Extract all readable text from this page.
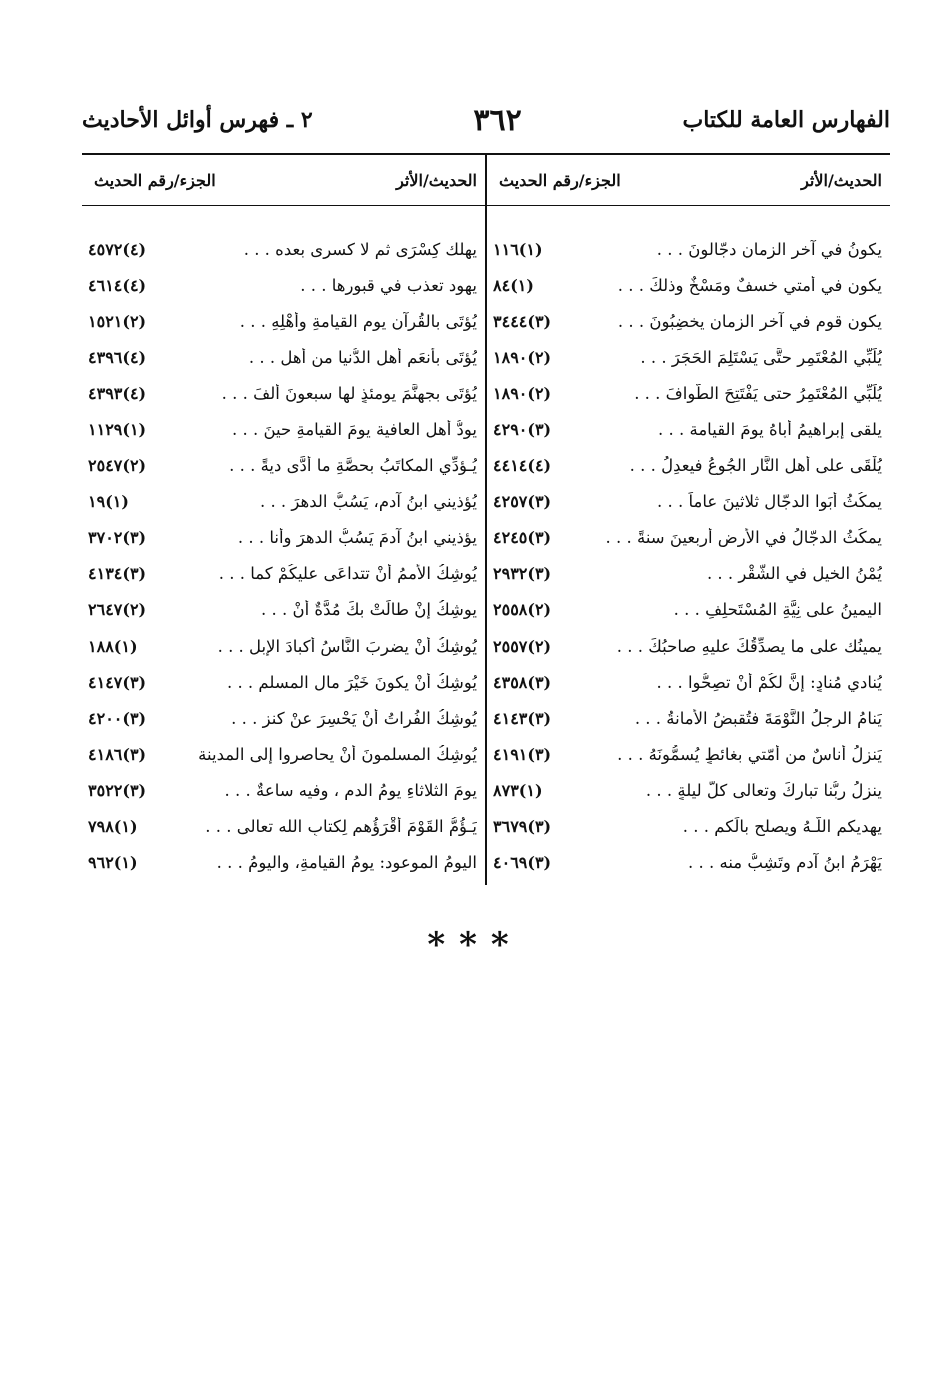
الفهارس العامة للكتاب
٣٦٢
٢ ـ فهرس أوائل الأحاديث
الحديث/الأثر
الجزء/رقم الحديث
يكونُ في آخرِ الزمانِ دجّالونَ . . .
(١)١١٦
يكون في أمتي خسفٌ ومَسْخٌ وذلكَ . . .
(١)٨٤
يكون قوم في آخر الزمان يخضِبُونَ . . .
(٣)٣٤٤٤
يُلَبِّي المُعْتَمِر حتَّى يَسْتَلِمَ الحَجَرَ . . .
(٢)١٨٩٠
يُلَبِّي المُعْتَمِرُ حتى يَفْتَتِحَ الطَّوافَ . . .
(٢)١٨٩٠
يلقى إبراهيمُ أباهُ يومَ القيامة . . .
(٣)٤٢٩٠
يُلْقَى على أهلِ النَّارِ الجُوعُ فيعدِلُ . . .
(٤)٤٤١٤
يمكُثُ أبَوا الدجّالِ ثلاثينَ عاماً . . .
(٣)٤٢٥٧
يمكُثُ الدجّالُ في الأرضِ أربعينَ سنةً . . .
(٣)٤٢٤٥
يُمْنُ الخيلِ في الشُّقْرِ . . .
(٣)٢٩٣٢
اليمينُ على نِيَّةِ المُسْتَحلِفِ . . .
(٢)٢٥٥٨
يمينُك على ما يصدِّقُكَ عليهِ صاحبُكَ . . .
(٢)٢٥٥٧
يُنادي مُنادٍ: إنَّ لكُمْ أنْ تصِحُّوا . . .
(٣)٤٣٥٨
يَنامُ الرجلُ النَّوْمَةَ فتُقبضُ الأمانةُ . . .
(٣)٤١٤٣
يَنزِلُ أناسٌ من أُمّتي بغائطٍ يُسمُّونَهُ . . .
(٣)٤١٩١
ينزِلُ ربُّنا تباركَ وتعالى كلَّ ليلةٍ . . .
(١)٨٧٣
يهديكم اللّـهُ ويصلح بالَكم . . .
(٣)٣٦٧٩
يَهْرَمُ ابنُ آدم وتَشِبُّ منه . . .
(٣)٤٠٦٩
الحديث/الأثر
الجزء/رقم الحديث
يهلك كِسْرَى ثم لا كسرى بعده . . .
(٤)٤٥٧٢
يهود تعذب في قبورها . . .
(٤)٤٦١٤
يُؤتَى بالقُرآنِ يوم القيامةِ وأهْلِهِ . . .
(٢)١٥٢١
يُؤتَى بأنعَمِ أهلِ الدُّنيا من أهلِ . . .
(٤)٤٣٩٦
يُؤتَى بجهنَّمَ يومئذٍ لها سبعونَ ألفَ . . .
(٤)٤٣٩٣
يودُّ أهل العافية يومَ القيامةِ حينَ . . .
(١)١١٢٩
يُـؤدِّي المكاتَبُ بحصَّةِ ما أدَّى ديةً . . .
(٢)٢٥٤٧
يُؤذيني ابنُ آدم، يَسُبُّ الدهرَ . . .
(١)١٩
يؤذيني ابنُ آدمَ يَسُبُّ الدهرَ وأنا . . .
(٣)٣٧٠٢
يُوشِكُ الأممُ أنْ تتداعَى عليكُمْ كما . . .
(٣)٤١٣٤
يوشِكُ إنْ طالَتْ بكَ مُدَّةٌ أنْ . . .
(٢)٢٦٤٧
يُوشِكُ أنْ يضربَ النَّاسُ أكبادَ الإبلِ . . .
(١)١٨٨
يُوشِكُ أنْ يكونَ خَيْرَ مالِ المسلمِ . . .
(٣)٤١٤٧
يُوشِكُ الفُراتُ أنْ يَحْسِرَ عنْ كنزٍ . . .
(٣)٤٢٠٠
يُوشِكُ المسلمونَ أنْ يحاصروا إلى المدينة
(٣)٤١٨٦
يومَ الثلاثاءِ يومُ الدمِ ، وفيه ساعةٌ . . .
(٣)٣٥٢٢
يَـؤُمُّ القَوْمَ أقْرَؤُهم لِكتابِ الله تعالى . . .
(١)٧٩٨
اليومُ الموعود: يومُ القيامةِ، واليومُ . . .
(١)٩٦٢
***
